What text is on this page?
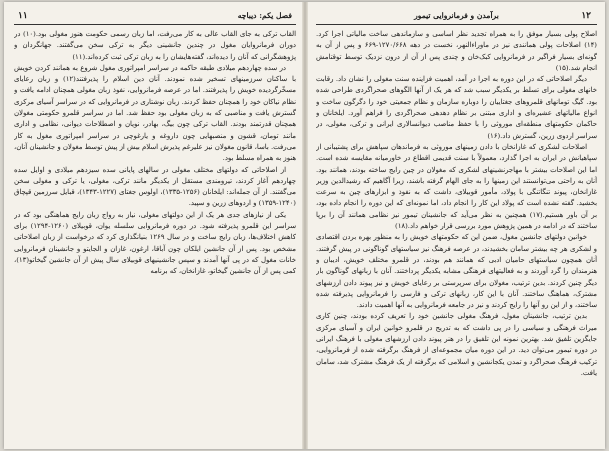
فصل یکم: دیباچه
۱۱

القاب ترکی به جای القاب عالی به کار می‌رفت، اما زبان رسمی حکومت هنوز مغولی بود.(۱۰) در دوران فرمانروایان مغول در چندین جانشینی دیگر به ترکی سخن می‌گفتند. جهانگردان و پژوهشگرانی که آنان را دیده‌اند، گفته‌هایشان را به زبان ترکی ثبت کرده‌اند.(۱۱)

در سده چهاردهم میلادی طبقه حاکمه در سراسر امپراتوری مغول شروع به همانند کردن خویش با ساکنان سرزمینهای تسخیر شده نمودند. آنان دین اسلام را پذیرفتند(۱۲) و زبان رعایای مسخّرگردیده خویش را پذیرفتند. اما در عرصه فرمانروایی، نفوذ زبان مغولی همچنان ادامه یافت و نظام نیاکان خود را همچنان حفظ کردند. زبان نوشتاری در فرمانروایی که در سراسر آسیای مرکزی گسترش یافت و مناصبی که به زبان مغولی بود حفظ شد. اما در سراسر قلمرو حکومتی مغولان همچنان قدرتمند بودند. القاب ترکی چون بیگ، بهادر، نویان و اصطلاحات دیوانی، نظامی و اداری مانند تومان، قشون و منصبهایی چون داروغه و یارغوچی در سراسر امپراتوری مغول به کار می‌رفت. باسا، قانون مغولان نیز علیرغم پذیرش اسلام بیش از پیش توسط مغولان و جانشینان آنان، هنوز به همراه مسلط بود.

از اصلاحاتی که دولتهای مختلف مغولی در سالهای پایانی سده سیزدهم میلادی و اوایل سده چهاردهم آغاز کردند، تیرومندی مستقل از یکدیگر مانند ترکی، مغولی، یا ترکی و مغولی سخن می‌گفتند. از آن جمله‌اند: ایلخانان (۱۲۵۶-۱۳۳۵)، اولوس جغتای (۱۲۲۷-۱۳۴۳)، قبایل سرزمین قپچاق (۱۲۴۰-۱۳۵۹) و اردوهای زرین و سپید.

یکی از نیازهای جدی هر یک از این دولتهای مغولی، نیاز به رواج زبان رایج هماهنگی بود که در سراسر این قلمرو پذیرفته شود. در دوره فرمانروایی سلسله یوان، قوبیلای (۱۲۶۰-۱۲۹۴) برای کاهش اختلاف‌ها، زبان رایج ساخت و در سال ۱۲۶۹ بنیانگذاری کرد که درخواست از زبان اصلاحاتی مشخص بود. پس از آن جانشین ایلکان چون آباقا، ارغون، غازان و الجایتو و جانشینان فرمانروایی خانات مغول که در پی آنها آمدند و سپس جانشینیهای قوبیلای سال پیش از آن جانشین گیخاتو(۱۳)، کمی پس از آن جانشین گیخاتو، غازانخان، که برنامه

برآمدن و فرمانروایی تیمور	۱۲

اصلاح پولی بسیار موفق را به همراه تجدید نظر اساسی و سازماندهی ساخت مالیاتی اجرا کرد.(۱۴) اصلاحات پولی همانندی نیز در ماوراءالنهر، نخست در دهه ۱۲۷۰/۶۶۸-۶۶۹ و پس از آن به گونه‌ای بسیار فراگیر در فرمانروایی کبک‌خان و چندی پس از آن از درون نزدیک توسط توقتامش انجام شد.(۱۵)

دیگر اصلاحاتی که در این دوره به اجرا در آمد، اهمیت فزاینده سنت مغولی را نشان داد. رقابت خانهای مغولی برای تسلط بر یکدیگر سبب شد که هر یک از آنها الگوهای صحراگردی طراحی شده بود. گیگ تومانهای قلمروهای جغتاییان را دوباره سازمان و نظام جمعیتی خود را دگرگون ساخت و انواع مالیاتهای عشیره‌ای و اداری مبتنی بر نظام دهدهی صحراگردی را فراهم آورد. ایلخانان و حاکمان حکومتهای منطقه‌ای موروثی را با حفظ مناصب دیوانسالاری ایرانی و ترکی، مغولی، در سراسر اردوی زرین، گسترش داد.(۱۶)

اصلاحات لشکری که غازانخان با دادن زمینهای موروثی به فرماندهان سپاهش برای پشتیبانی از سپاهیانش در ایران به اجرا گذارد، معمولاً با سنت قدیمی اقطاع در خاورمیانه مقایسه شده است. اما این اصلاحات بیشتر با مهاجرنشینهای لشکری که مغولان در چین رایج ساخته بودند، همانند بود. آنان به راحتی می‌توانستند این زمینها را به جای الهام گرفته باشند، زیرا آگاهیم که رشیدالدین وزیر غازانخان، پیوند تنگاتنگی با پولاد، مأمور قوبیلای، داشت که به نفوذ و ابزارهای چین به سرعت بخشید. گفته نشده است که پولاد این کار را انجام داد، اما نمونه‌ای که این دوره را انجام داده بود، بر آن باور هستیم.(۱۷) همچنین به نظر می‌آید که جانشینان تیمور نیز نظامی همانند آن را برپا ساختند که در ادامه در همین پژوهش مورد بررسی قرار خواهم داد.(۱۸)

خوانین دولتهای جانشین مغول، ضمن این که حکومتهای خویش را به منظور بهره بردن اقتصادی و لشکری هر چه بیشتر سامان بخشیدند، در عرصه فرهنگ نیز سیاستهای گوناگونی در پیش گرفتند. آنان همچون سیاستهای حامیان ادبی که همانند هم بودند، در قلمرو مختلف خویش، ادیبان و هنرمندان را گرد آوردند و به فعالیتهای فرهنگی مشابه یکدیگر پرداختند. آنان با زبانهای گوناگون بار دیگر چنین کردند. بدین ترتیب، مغولان برای سرپرستی بر رعایای خویش و نیز پیوند دادن ارزشهای مشترک، هماهنگ ساختند. آنان با این کار، زبانهای ترکی و فارسی را فرمانروایی پذیرفته شده ساختند، و از این رو آنها را رایج کردند و نیز در جامعه فرمانروایی به آنها اهمیت دادند.

بدین ترتیب، جانشینان مغول، فرهنگ مغولی جانشین خود را تعریف کرده بودند، چنین کاری میراث فرهنگی و سیاسی را در پی داشت که به تدریج در قلمرو خوانین ایران و آسیای مرکزی جایگزین تلفیق شد. بهترین نمونه این تلفیق را در هنر پیوند دادن ارزشهای مغولی با فرهنگ ایرانی در دوره تیمور می‌توان دید. در این دوره میان مجموعه‌ای از فرهنگ برگرفته شده از فرمانروایی، ترکیب فرهنگ صحراگرد و تمدن یکجانشین و اسلامی که برگرفته از یک فرهنگ مشترک شد، سامان یافت.
